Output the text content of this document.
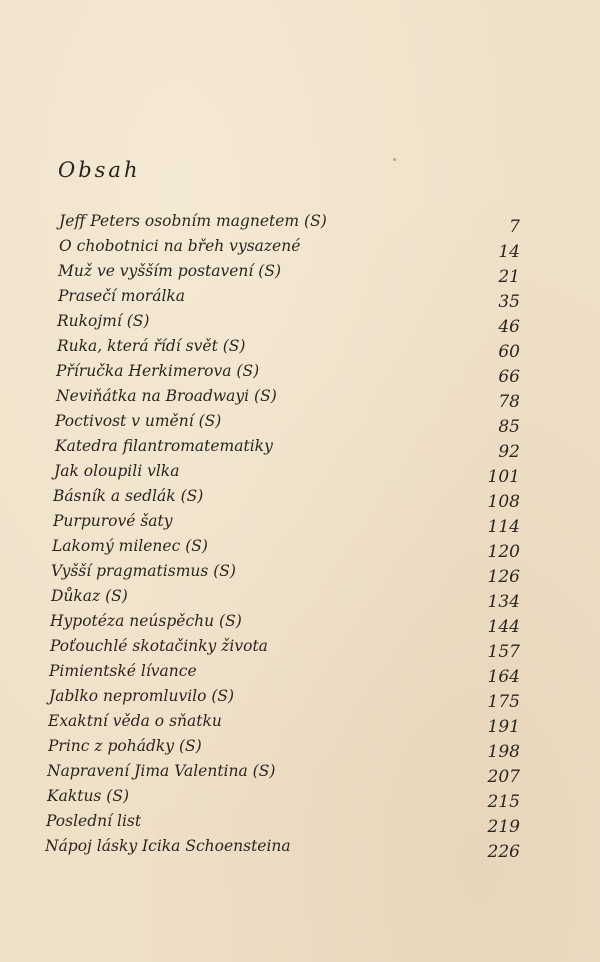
Obsah
Jeff Peters osobním magnetem (S)	7
O chobotnici na břeh vysazené	14
Muž ve vyšším postavení (S)	21
Prasečí morálka	35
Rukojmí (S)	46
Ruka, která řídí svět (S)	60
Příručka Herkimerova (S)	66
Neviňátka na Broadwayi (S)	78
Poctivost v umění (S)	85
Katedra filantromatematiky	92
Jak oloupili vlka	101
Básník a sedlák (S)	108
Purpurové šaty	114
Lakomý milenec (S)	120
Vyšší pragmatismus (S)	126
Důkaz (S)	134
Hypotéza neúspěchu (S)	144
Poťouchlé skotačinky života	157
Pimientské lívance	164
Jablko nepromluvilo (S)	175
Exaktní věda o sňatku	191
Princ z pohádky (S)	198
Napravení Jima Valentina (S)	207
Kaktus (S)	215
Poslední list	219
Nápoj lásky Icika Schoensteina	226
